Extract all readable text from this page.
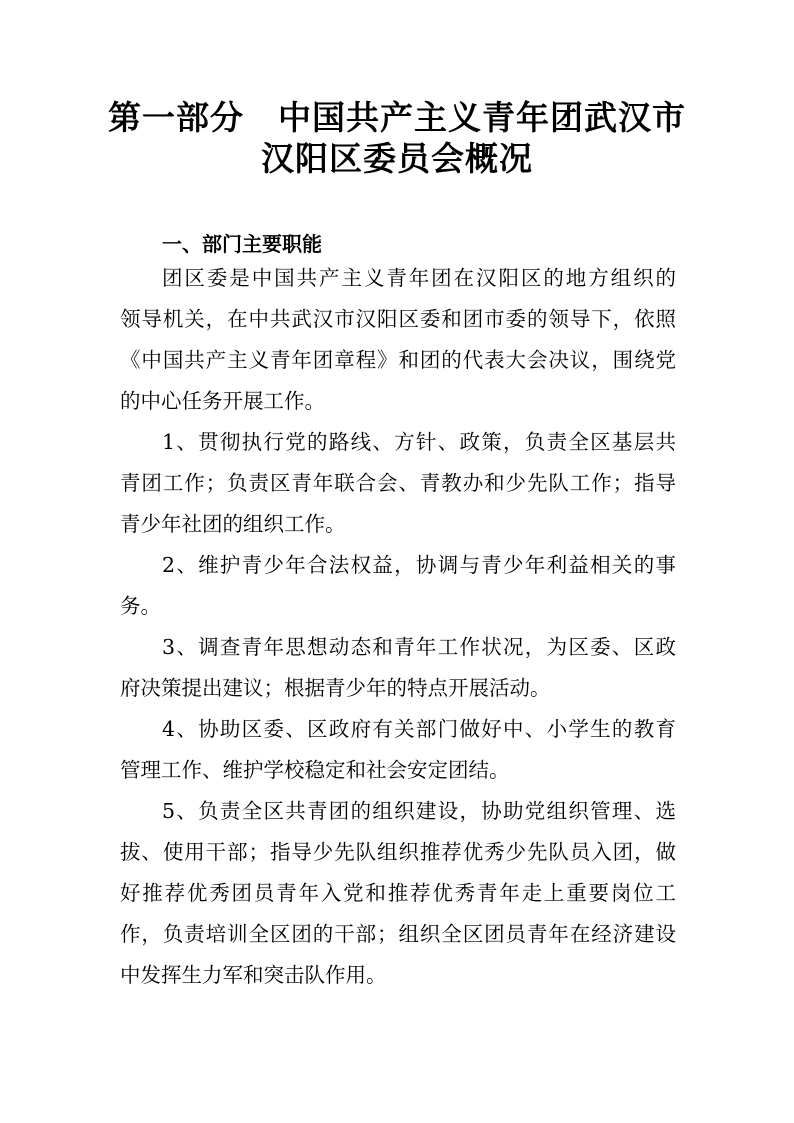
第一部分　中国共产主义青年团武汉市
汉阳区委员会概况
一、部门主要职能
团区委是中国共产主义青年团在汉阳区的地方组织的
领导机关，在中共武汉市汉阳区委和团市委的领导下，依照
《中国共产主义青年团章程》和团的代表大会决议，围绕党
的中心任务开展工作。
1、贯彻执行党的路线、方针、政策，负责全区基层共
青团工作；负责区青年联合会、青教办和少先队工作；指导
青少年社团的组织工作。
2、维护青少年合法权益，协调与青少年利益相关的事
务。
3、调查青年思想动态和青年工作状况，为区委、区政
府决策提出建议；根据青少年的特点开展活动。
4、协助区委、区政府有关部门做好中、小学生的教育
管理工作、维护学校稳定和社会安定团结。
5、负责全区共青团的组织建设，协助党组织管理、选
拔、使用干部；指导少先队组织推荐优秀少先队员入团，做
好推荐优秀团员青年入党和推荐优秀青年走上重要岗位工
作，负责培训全区团的干部；组织全区团员青年在经济建设
中发挥生力军和突击队作用。
